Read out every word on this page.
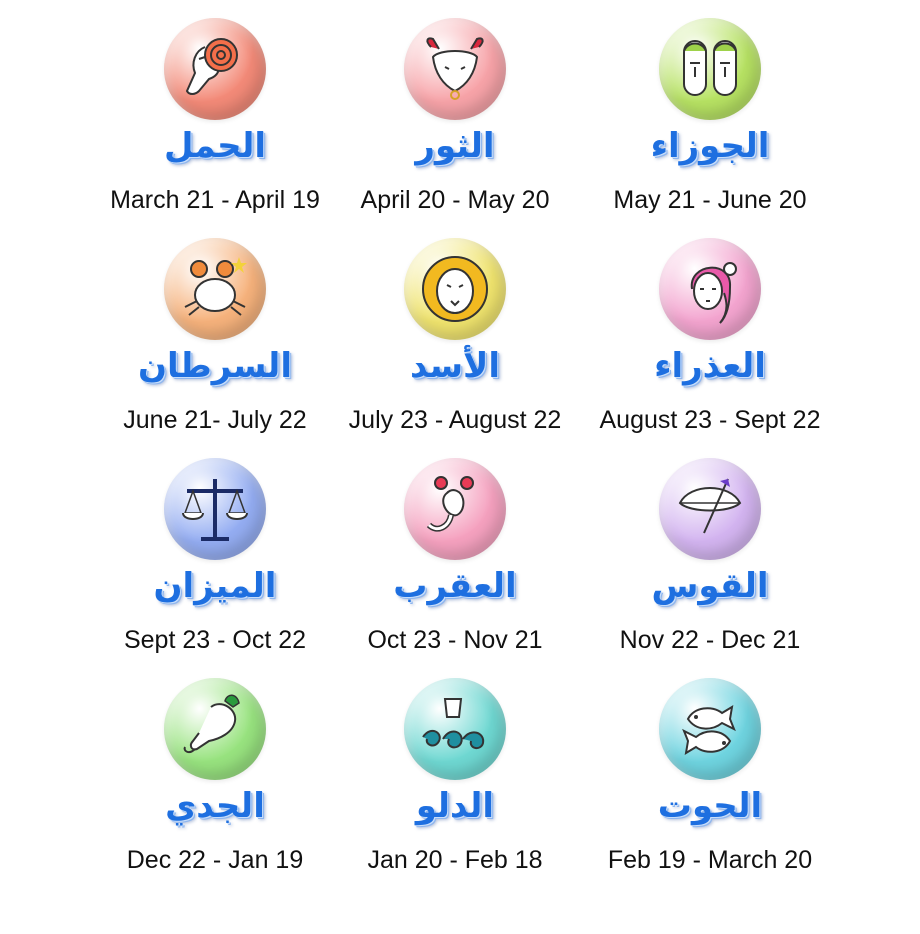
الحمل
March 21 - April 19
الثور
April 20 - May 20
الجوزاء
May 21 - June 20
السرطان
June 21- July 22
الأسد
July 23 - August 22
العذراء
August 23 - Sept 22
الميزان
Sept 23 - Oct 22
العقرب
Oct 23 - Nov 21
القوس
Nov 22 - Dec 21
الجدي
Dec 22 - Jan 19
الدلو
Jan 20 - Feb 18
الحوت
Feb 19 - March 20
